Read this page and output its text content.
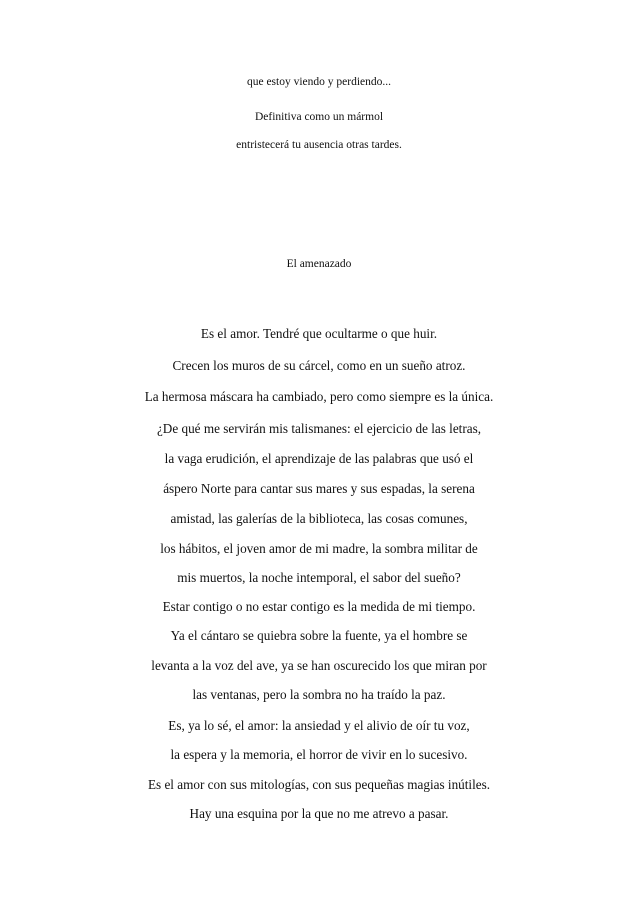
que estoy viendo y perdiendo...
Definitiva como un mármol
entristecerá tu ausencia otras tardes.
El amenazado
Es el amor. Tendré que ocultarme o que huir.
Crecen los muros de su cárcel, como en un sueño atroz.
La hermosa máscara ha cambiado, pero como siempre es la única.
¿De qué me servirán mis talismanes: el ejercicio de las letras,
la vaga erudición, el aprendizaje de las palabras que usó el
áspero Norte para cantar sus mares y sus espadas, la serena
amistad, las galerías de la biblioteca, las cosas comunes,
los hábitos, el joven amor de mi madre, la sombra militar de
mis muertos, la noche intemporal, el sabor del sueño?
Estar contigo o no estar contigo es la medida de mi tiempo.
Ya el cántaro se quiebra sobre la fuente, ya el hombre se
levanta a la voz del ave, ya se han oscurecido los que miran por
las ventanas, pero la sombra no ha traído la paz.
Es, ya lo sé, el amor: la ansiedad y el alivio de oír tu voz,
la espera y la memoria, el horror de vivir en lo sucesivo.
Es el amor con sus mitologías, con sus pequeñas magias inútiles.
Hay una esquina por la que no me atrevo a pasar.
